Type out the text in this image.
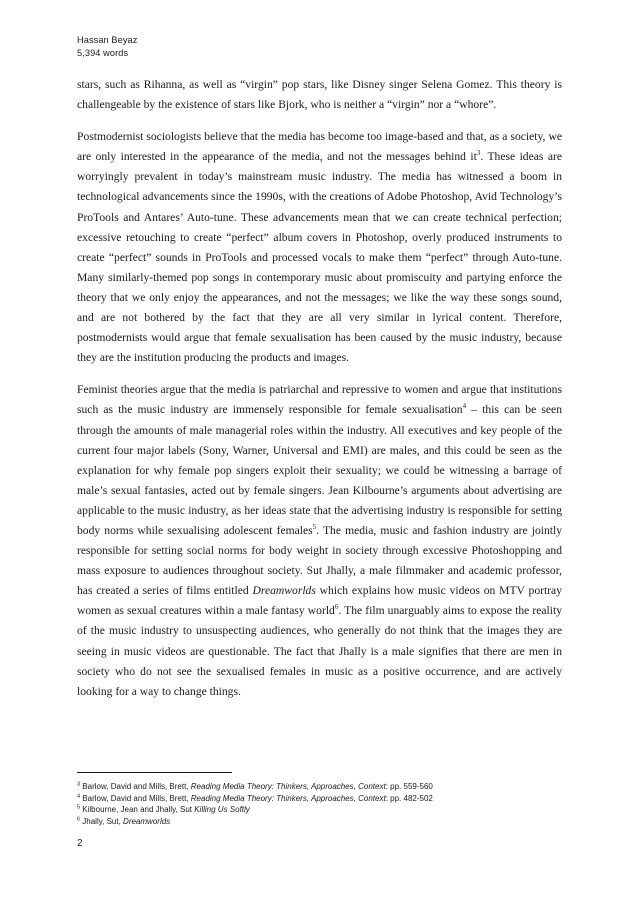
Hassan Beyaz
5,394 words

stars, such as Rihanna, as well as “virgin” pop stars, like Disney singer Selena Gomez. This theory is challengeable by the existence of stars like Bjork, who is neither a “virgin” nor a “whore”.

Postmodernist sociologists believe that the media has become too image-based and that, as a society, we are only interested in the appearance of the media, and not the messages behind $it^3$. These ideas are worryingly prevalent in today’s mainstream music industry. The media has witnessed a boom in technological advancements since the 1990s, with the creations of Adobe Photoshop, Avid Technology’s ProTools and Antares’ Auto-tune. These advancements mean that we can create technical perfection; excessive retouching to create “perfect” album covers in Photoshop, overly produced instruments to create “perfect” sounds in ProTools and processed vocals to make them “perfect” through Auto-tune. Many similarly-themed pop songs in contemporary music about promiscuity and partying enforce the theory that we only enjoy the appearances, and not the messages; we like the way these songs sound, and are not bothered by the fact that they are all very similar in lyrical content. Therefore, postmodernists would argue that female sexualisation has been caused by the music industry, because they are the institution producing the products and images.

Feminist theories argue that the media is patriarchal and repressive to women and argue that institutions such as the music industry are immensely responsible for female sexualisation$^4$ – this can be seen through the amounts of male managerial roles within the industry. All executives and key people of the current four major labels (Sony, Warner, Universal and EMI) are males, and this could be seen as the explanation for why female pop singers exploit their sexuality; we could be witnessing a barrage of male’s sexual fantasies, acted out by female singers. Jean Kilbourne’s arguments about advertising are applicable to the music industry, as her ideas state that the advertising industry is responsible for setting body norms while sexualising adolescent females$^5$. The media, music and fashion industry are jointly responsible for setting social norms for body weight in society through excessive Photoshopping and mass exposure to audiences throughout society. Sut Jhally, a male filmmaker and academic professor, has created a series of films entitled Dreamworlds which explains how music videos on MTV portray women as sexual creatures within a male fantasy world$^6$. The film unarguably aims to expose the reality of the music industry to unsuspecting audiences, who generally do not think that the images they are seeing in music videos are questionable. The fact that Jhally is a male signifies that there are men in society who do not see the sexualised females in music as a positive occurrence, and are actively looking for a way to change things.

$^3$ Barlow, David and Mills, Brett, Reading Media Theory: Thinkers, Approaches, Context: pp. 559-560
$^4$ Barlow, David and Mills, Brett, Reading Media Theory: Thinkers, Approaches, Context: pp. 482-502
$^5$ Kilbourne, Jean and Jhally, Sut Killing Us Softly
$^6$ Jhally, Sut, Dreamworlds
2
